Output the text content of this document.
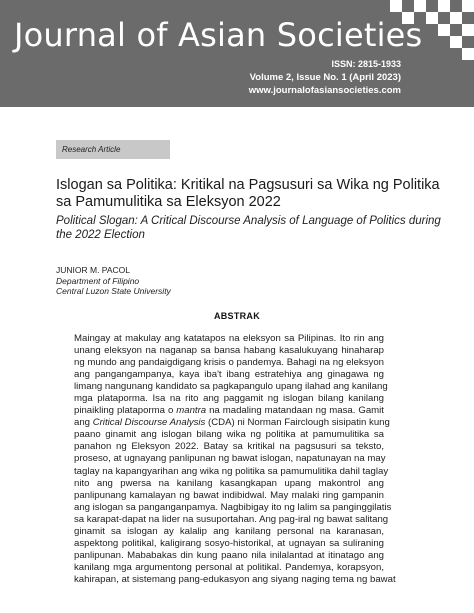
Journal of Asian Societies
ISSN: 2815-1933
Volume 2, Issue No. 1 (April 2023)
www.journalofasiansocieties.com
Research Article
Islogan sa Politika: Kritikal na Pagsusuri sa Wika ng Politika sa Pamumulitika sa Eleksyon 2022

Political Slogan: A Critical Discourse Analysis of Language of Politics during the 2022 Election

JUNIOR M. PACOL
Department of Filipino
Central Luzon State University
ABSTRAK
Maingay at makulay ang katatapos na eleksyon sa Pilipinas. Ito rin ang
unang eleksyon na naganap sa bansa habang kasalukuyang hinaharap
ng mundo ang pandaigdigang krisis o pandemya. Bahagi na ng eleksyon
ang pangangampanya, kaya iba't ibang estratehiya ang ginagawa ng
limang nangunang kandidato sa pagkapangulo upang ilahad ang kanilang
mga plataporma. Isa na rito ang paggamit ng islogan bilang kanilang
pinaikling plataporma o mantra na madaling matandaan ng masa. Gamit
ang Critical Discourse Analysis (CDA) ni Norman Fairclough sisipatin kung
paano ginamit ang islogan bilang wika ng politika at pamumulitika sa
panahon ng Eleksyon 2022. Batay sa kritikal na pagsusuri sa teksto,
proseso, at ugnayang panlipunan ng bawat islogan, napatunayan na may
taglay na kapangyarihan ang wika ng politika sa pamumulitika dahil taglay
nito ang pwersa na kanilang kasangkapan upang makontrol ang
panlipunang kamalayan ng bawat indibidwal. May malaki ring gampanin
ang islogan sa panganganpamya. Nagbibigay ito ng lalim sa panginggilatis
sa karapat-dapat na lider na susuportahan. Ang pag-iral ng bawat salitang
ginamit sa islogan ay kalalip ang kanilang personal na karanasan,
aspektong politikal, kaligirang sosyo-historikal, at ugnayan sa suliraning
panlipunan. Mababakas din kung paano nila inilalantad at itinatago ang
kanilang mga argumentong personal at politikal. Pandemya, korapsyon,
kahirapan, at sistemang pang-edukasyon ang siyang naging tema ng bawat
